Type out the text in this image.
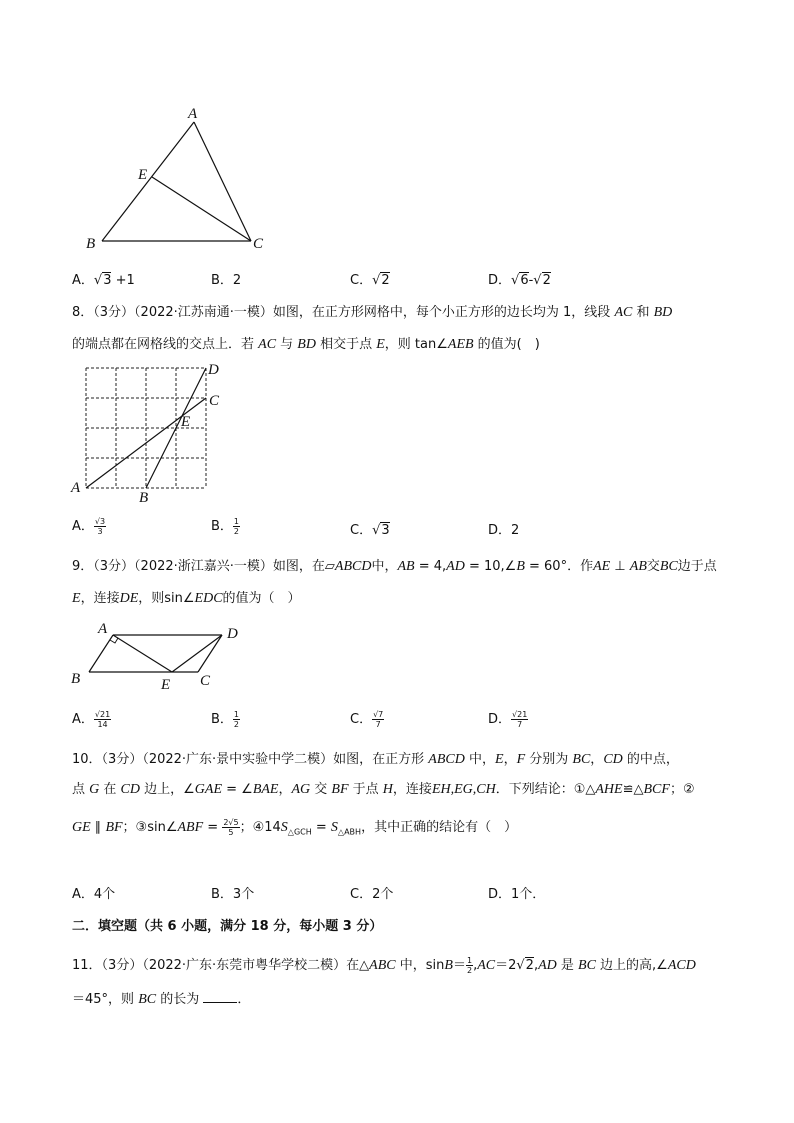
A
B	C
E
A．√3 +1	B．2	C．√2	D．√6-√2
8．（3分）（2022·江苏南通·一模）如图，在正方形网格中，每个小正方形的边长均为 1，线段 AC 和 BD
的端点都在网格线的交点上．若 AC 与 BD 相交于点 E，则 tan∠AEB 的值为(　)
A
B
C
D
E
A． $\frac{√3}{3}$	B． $\frac{1}{2}$	C．√3	D．2
9．（3分）（2022·浙江嘉兴·一模）如图，在▱ABCD中，AB = 4,AD = 10,∠B = 60°．作AE ⊥ AB交BC边于点
E，连接DE，则sin∠EDC的值为（　）
A
B	C
D
E
A． $\frac{√21}{14}$	B． $\frac{1}{2}$	C． $\frac{√7}{7}$	D． $\frac{√21}{7}$
10．（3分）（2022·广东·景中实验中学二模）如图，在正方形 ABCD 中，E，F 分别为 BC，CD 的中点，
点 G 在 CD 边上，∠GAE = ∠BAE，AG 交 BF 于点 H，连接EH,EG,CH．下列结论：①△AHE≌△BCF；②
GE ∥ BF；③sin∠ABF = $\frac{2√5}{5}$ ；$④14S_{\triangle GCH} = S_{\triangle ABH}$，其中正确的结论有（　）
A．4个	B．3个	C．2个	D．1个．
二．填空题（共 6 小题，满分 18 分，每小题 3 分）
11．（3分）（2022·广东·东莞市粤华学校二模）在△ABC 中，$\sin B= \frac{1}{2} ,AC=2√2,AD$ 是 BC 边上的高,∠ACD
＝45°，则 BC 的长为	．
